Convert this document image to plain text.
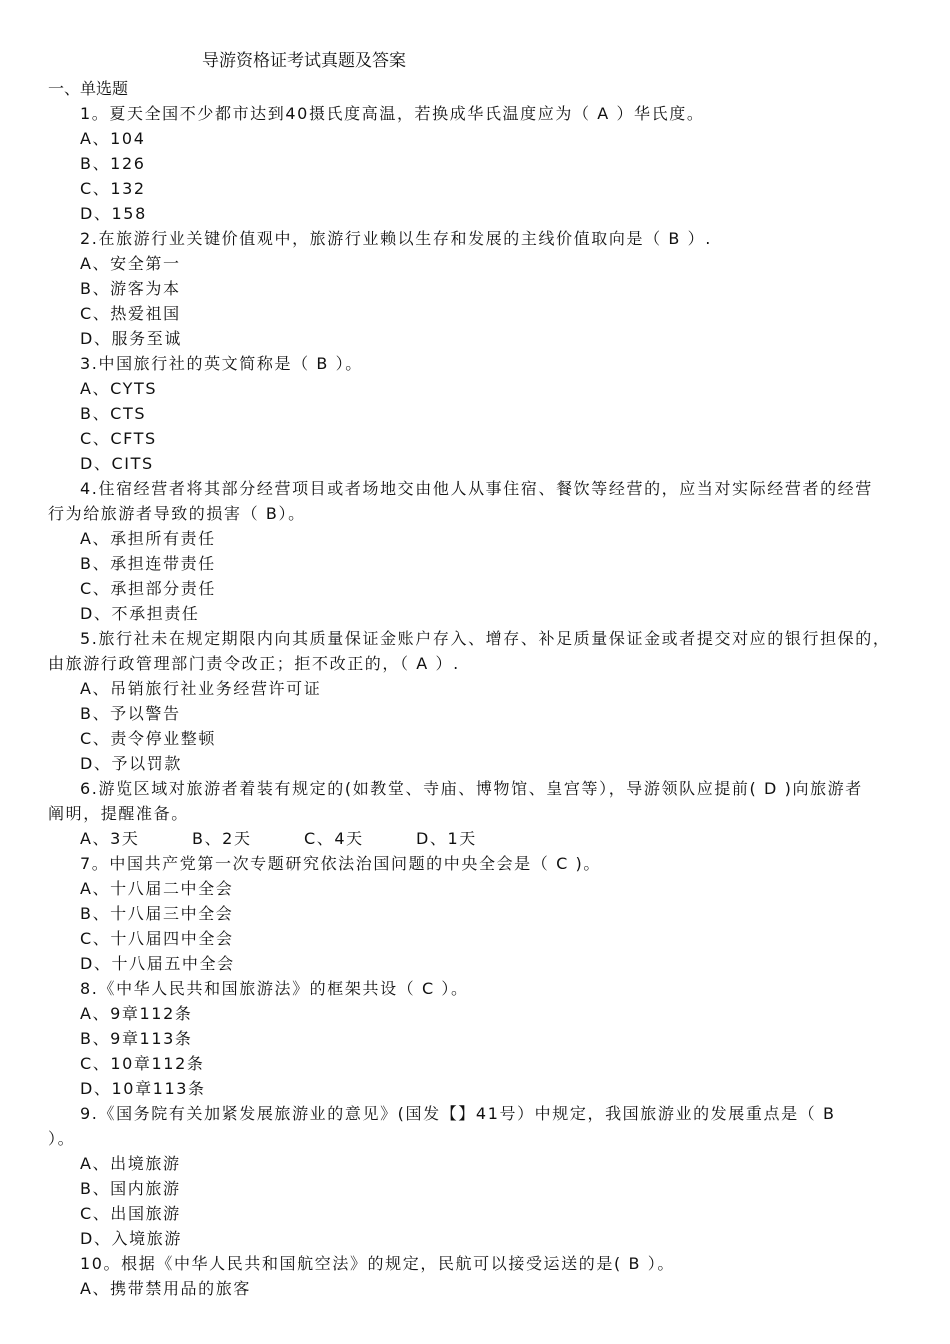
导游资格证考试真题及答案
一、单选题
1。夏天全国不少都市达到40摄氏度高温，若换成华氏温度应为（ A ）华氏度。
A、104
B、126
C、132
D、158
2.在旅游行业关键价值观中，旅游行业赖以生存和发展的主线价值取向是（ B ）.
A、安全第一
B、游客为本
C、热爱祖国
D、服务至诚
3.中国旅行社的英文简称是（ B ）。
A、CYTS
B、CTS
C、CFTS
D、CITS
4.住宿经营者将其部分经营项目或者场地交由他人从事住宿、餐饮等经营的，应当对实际经营者的经营
行为给旅游者导致的损害（ B）。
A、承担所有责任
B、承担连带责任
C、承担部分责任
D、不承担责任
5.旅行社未在规定期限内向其质量保证金账户存入、增存、补足质量保证金或者提交对应的银行担保的，
由旅游行政管理部门责令改正；拒不改正的，（ A ）.
A、吊销旅行社业务经营许可证
B、予以警告
C、责令停业整顿
D、予以罚款
6.游览区域对旅游者着装有规定的(如教堂、寺庙、博物馆、皇宫等），导游领队应提前( D )向旅游者
阐明，提醒准备。
A、3天	B、2天	C、4天	D、1天
7。中国共产党第一次专题研究依法治国问题的中央全会是（ C )。
A、十八届二中全会
B、十八届三中全会
C、十八届四中全会
D、十八届五中全会
8.《中华人民共和国旅游法》的框架共设（ C ）。
A、9章112条
B、9章113条
C、10章112条
D、10章113条
9.《国务院有关加紧发展旅游业的意见》(国发【】41号）中规定，我国旅游业的发展重点是（ B
）。
A、出境旅游
B、国内旅游
C、出国旅游
D、入境旅游
10。根据《中华人民共和国航空法》的规定，民航可以接受运送的是( B ）。
A、携带禁用品的旅客
